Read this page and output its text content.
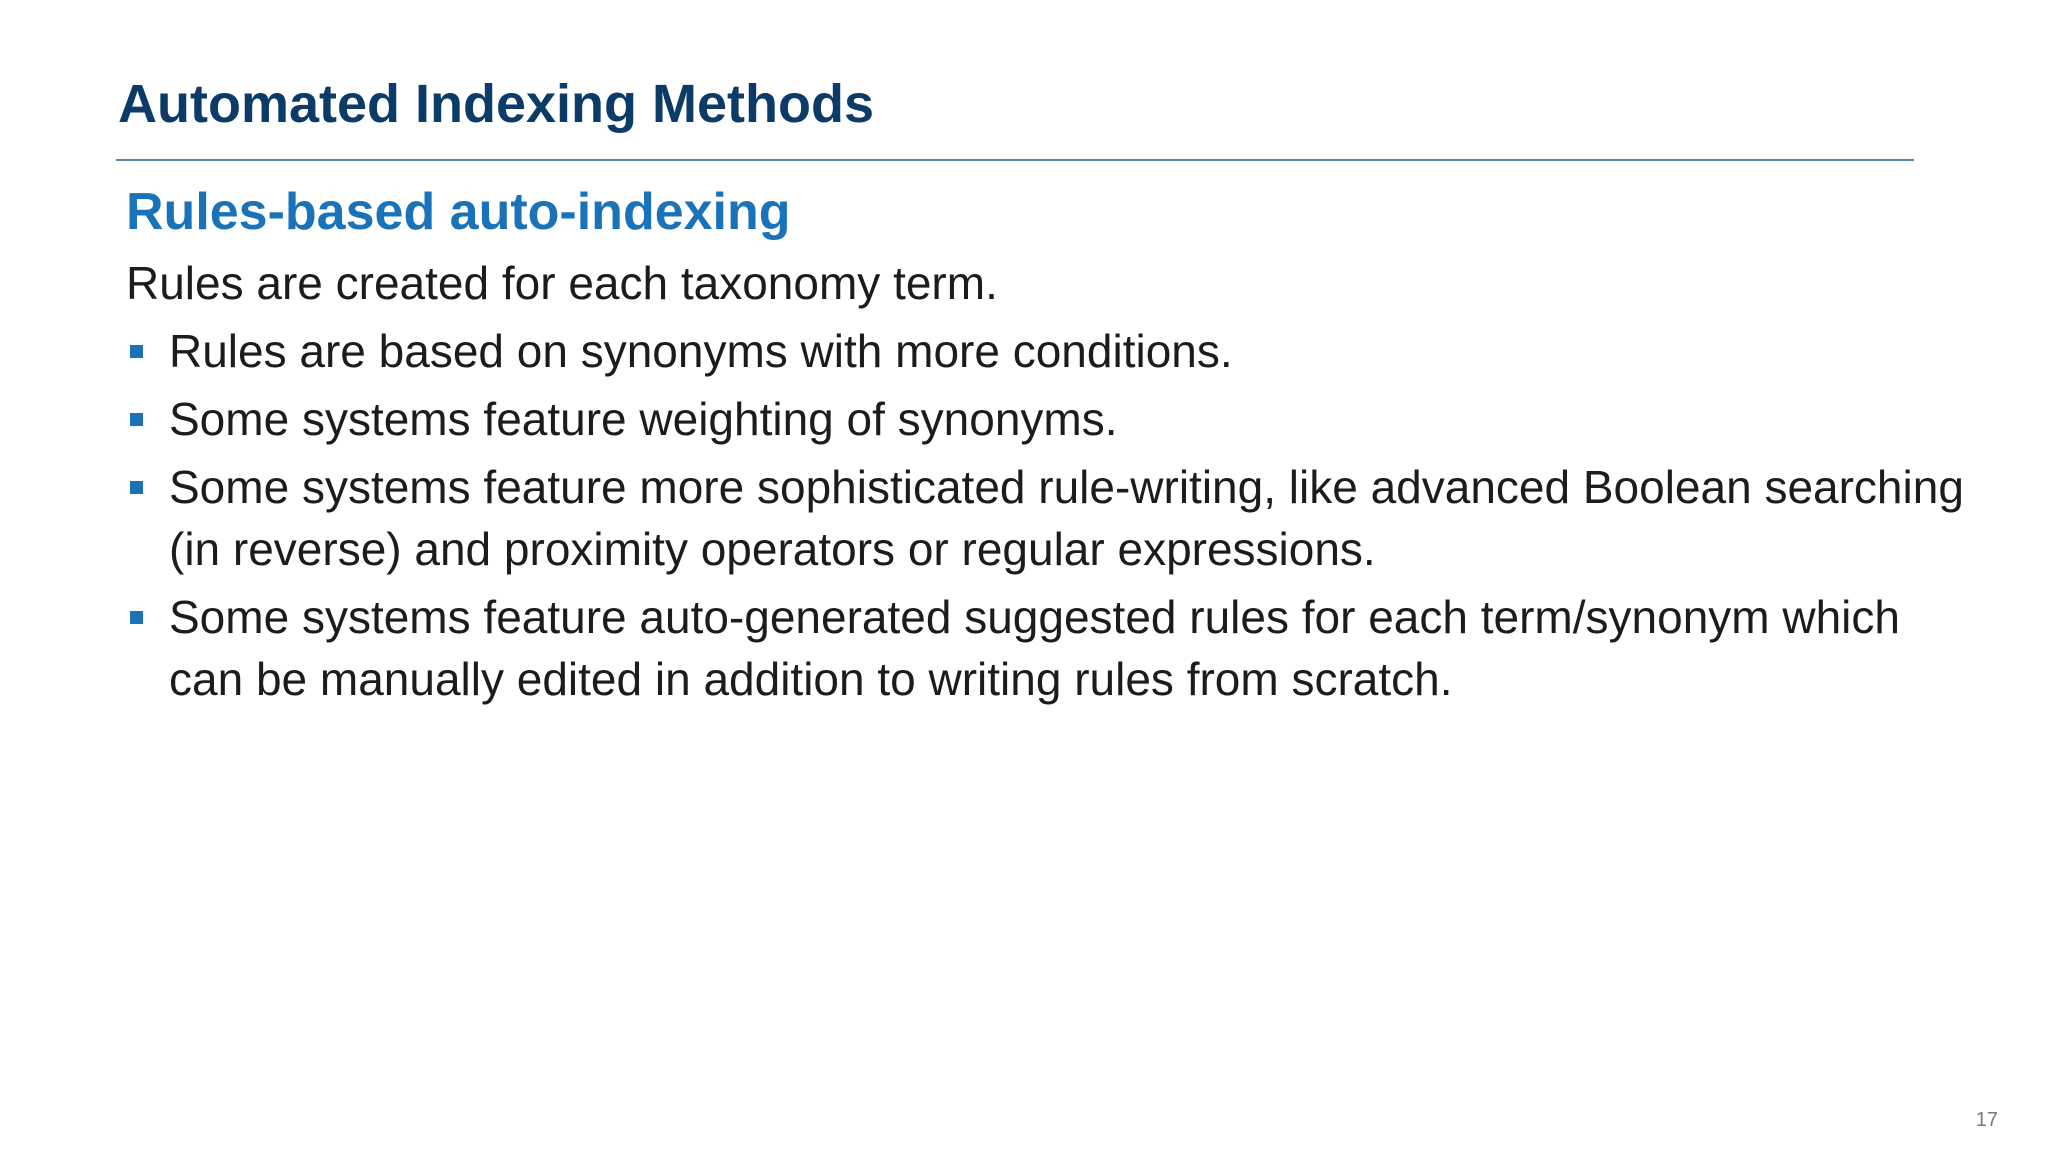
Automated Indexing Methods
Rules-based auto-indexing

Rules are created for each taxonomy term.

Rules are based on synonyms with more conditions.
Some systems feature weighting of synonyms.
Some systems feature more sophisticated rule-writing, like advanced Boolean searching (in reverse) and proximity operators or regular expressions.
Some systems feature auto-generated suggested rules for each term/synonym which can be manually edited in addition to writing rules from scratch.
17
